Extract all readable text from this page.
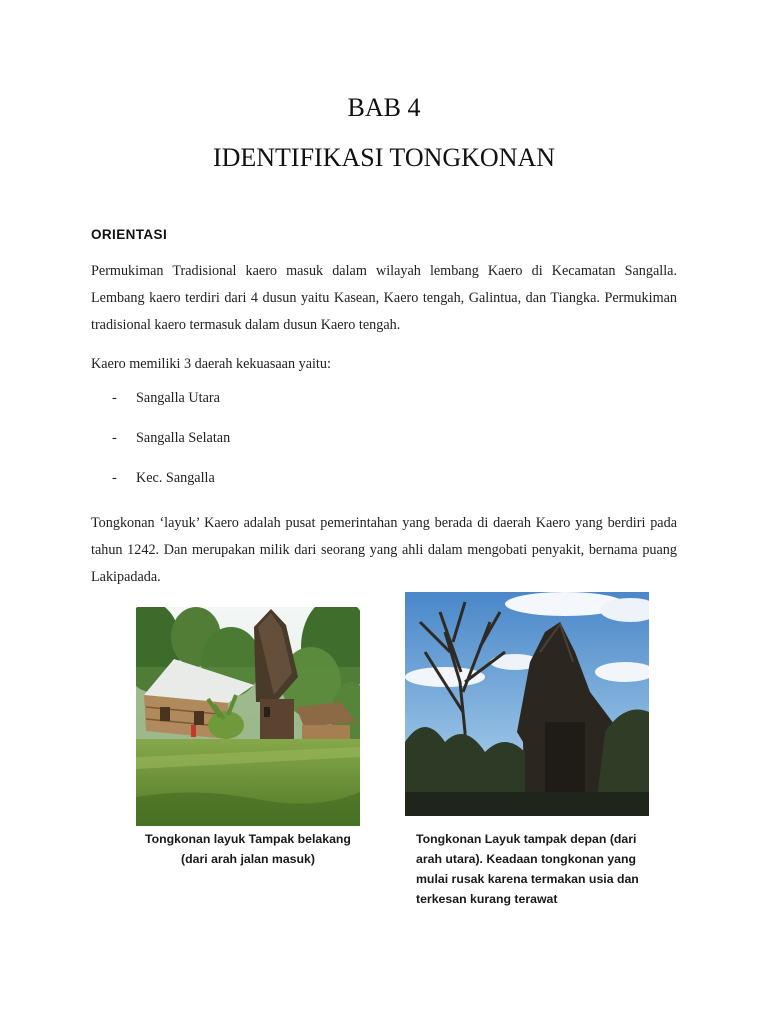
BAB 4
IDENTIFIKASI TONGKONAN
ORIENTASI

Permukiman Tradisional kaero masuk dalam wilayah lembang Kaero di Kecamatan Sangalla. Lembang kaero terdiri dari 4 dusun yaitu Kasean, Kaero tengah, Galintua, dan Tiangka. Permukiman tradisional kaero termasuk dalam dusun Kaero tengah.

Kaero memiliki 3 daerah kekuasaan yaitu:

- Sangalla Utara
- Sangalla Selatan
- Kec. Sangalla

Tongkonan ‘layuk’ Kaero adalah pusat pemerintahan yang berada di daerah Kaero yang berdiri pada tahun 1242. Dan merupakan milik dari seorang yang ahli dalam mengobati penyakit, bernama puang Lakipadada.

Tongkonan layuk Tampak belakang (dari arah jalan masuk)

Tongkonan Layuk tampak depan (dari arah utara). Keadaan tongkonan yang mulai rusak karena termakan usia dan terkesan kurang terawat
